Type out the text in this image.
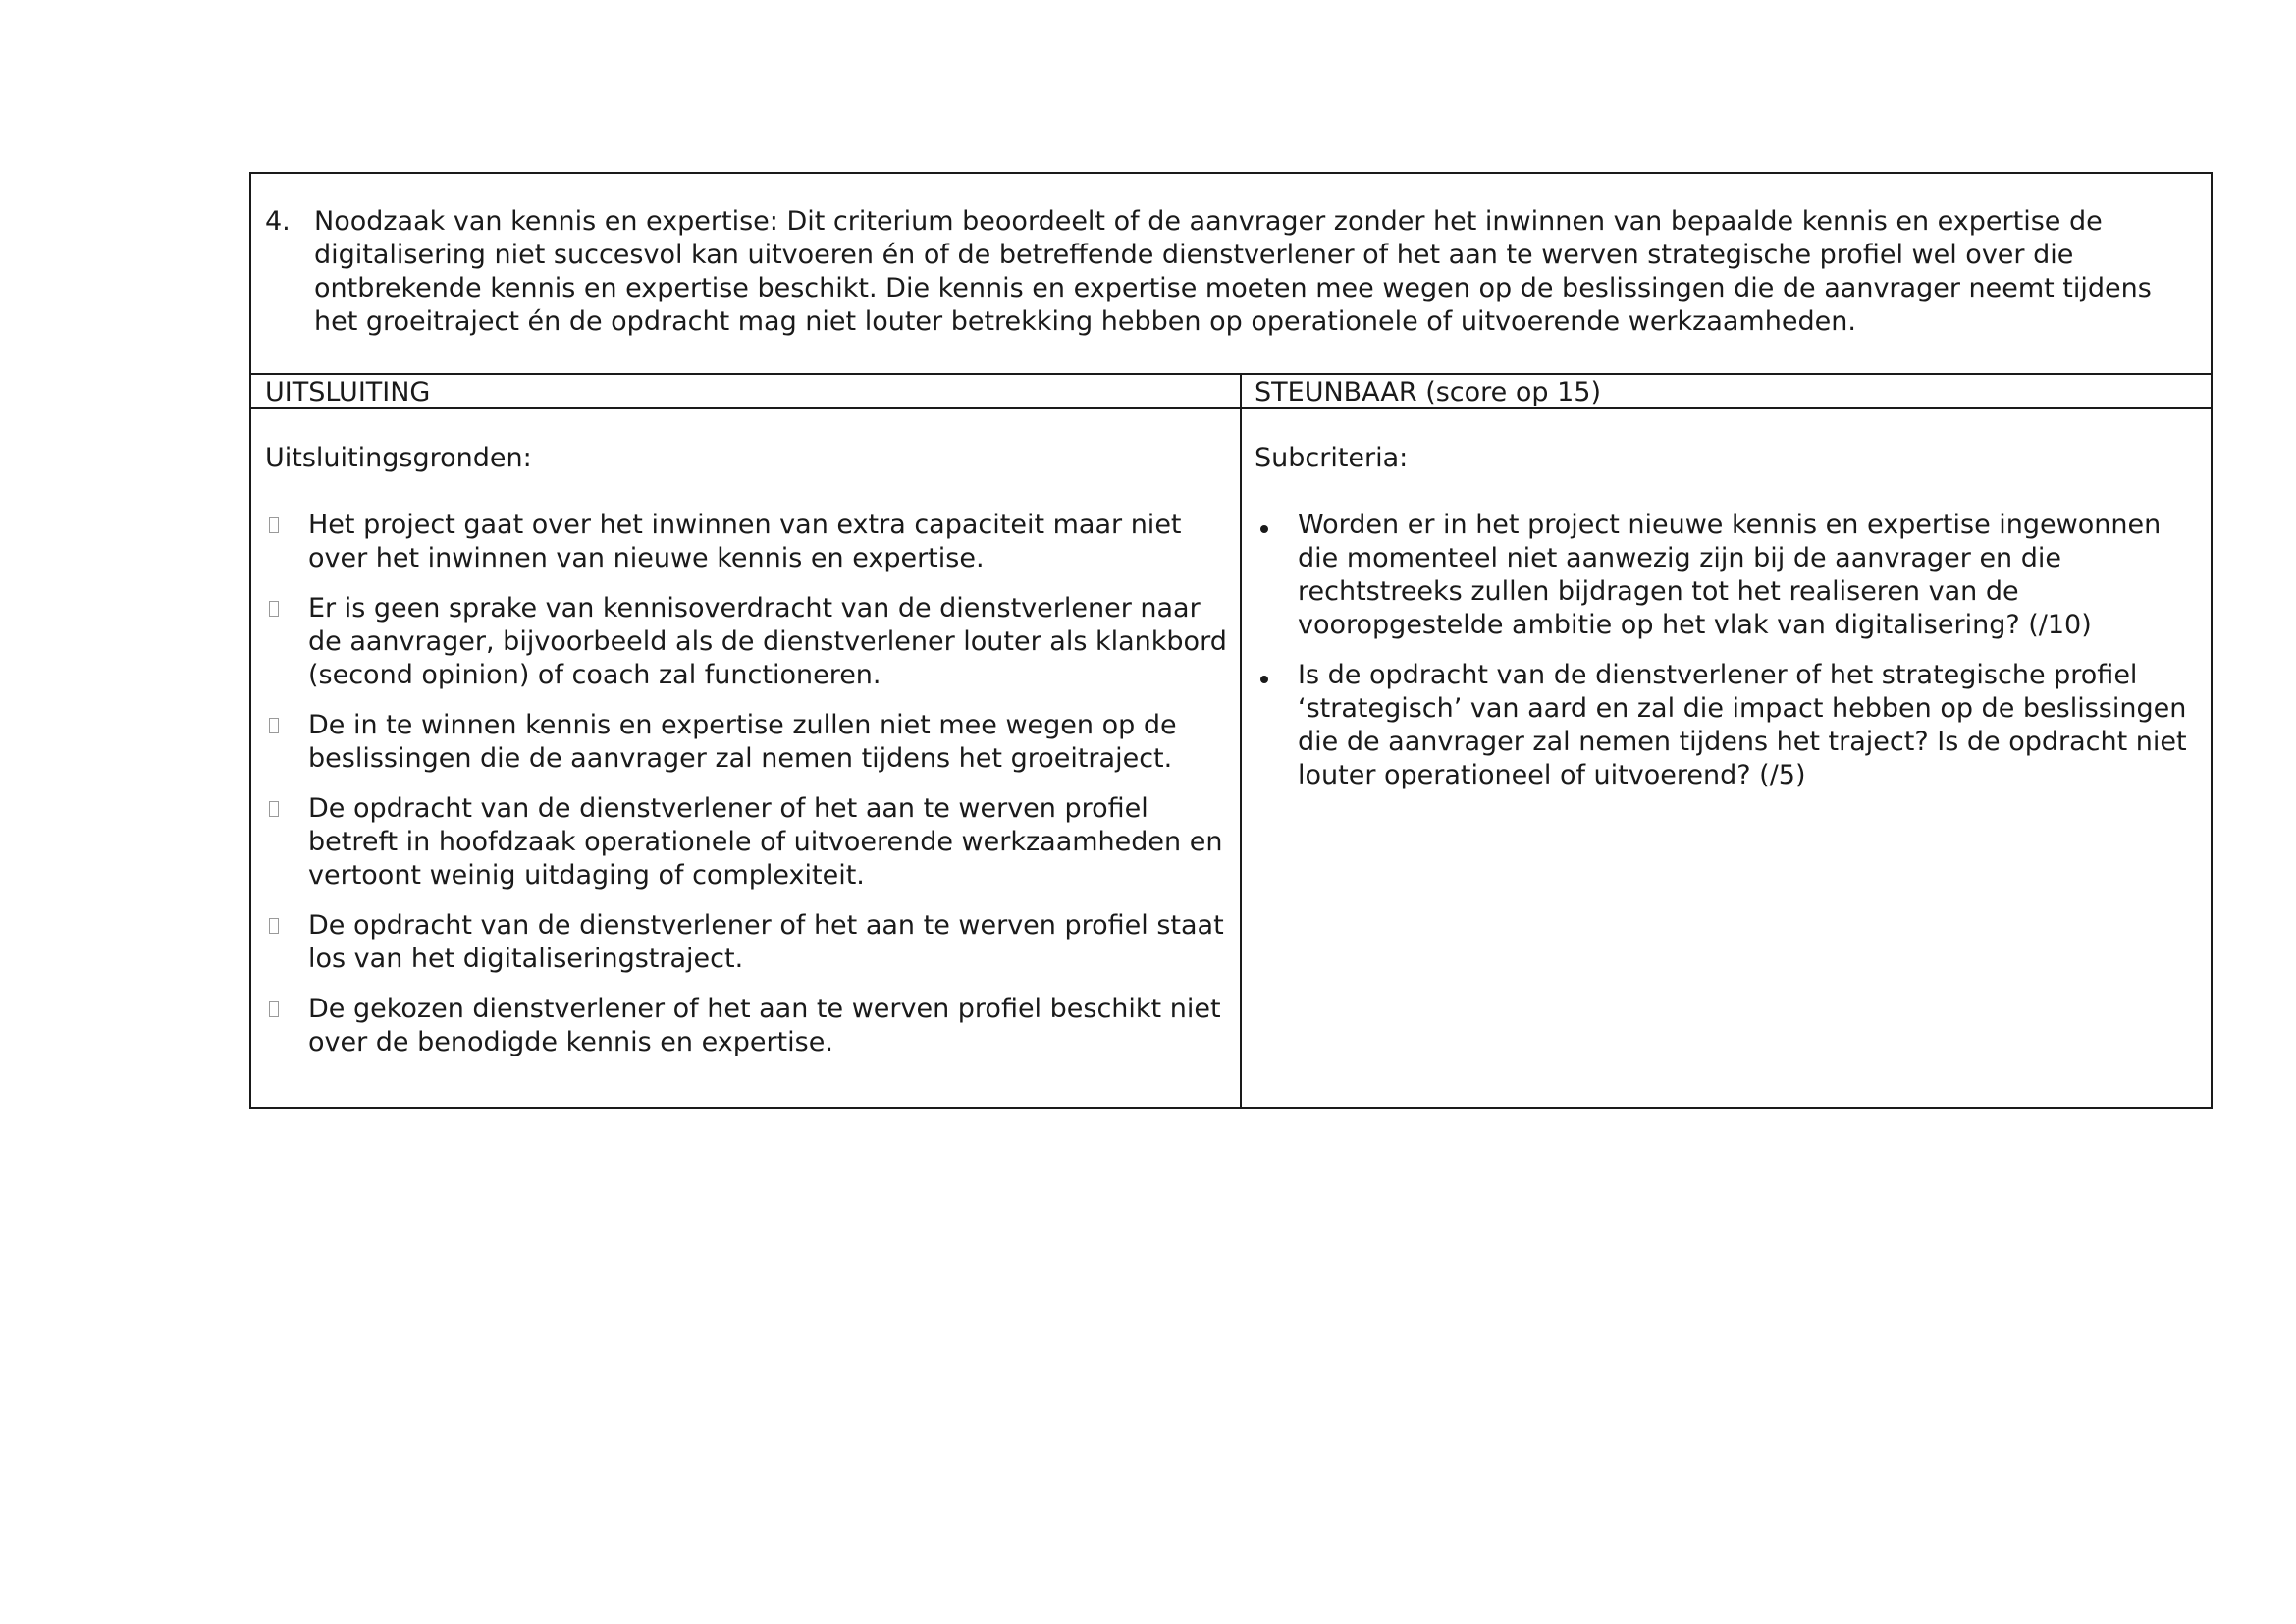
4. Noodzaak van kennis en expertise: Dit criterium beoordeelt of de aanvrager zonder het inwinnen van bepaalde kennis en expertise de digitalisering niet succesvol kan uitvoeren én of de betreffende dienstverlener of het aan te werven strategische profiel wel over die ontbrekende kennis en expertise beschikt. Die kennis en expertise moeten mee wegen op de beslissingen die de aanvrager neemt tijdens het groeitraject én de opdracht mag niet louter betrekking hebben op operationele of uitvoerende werkzaamheden.
UITSLUITING	STEUNBAAR (score op 15)
Uitsluitingsgronden:	Subcriteria:
Het project gaat over het inwinnen van extra capaciteit maar niet over het inwinnen van nieuwe kennis en expertise.
Er is geen sprake van kennisoverdracht van de dienstverlener naar de aanvrager, bijvoorbeeld als de dienstverlener louter als klankbord (second opinion) of coach zal functioneren.
De in te winnen kennis en expertise zullen niet mee wegen op de beslissingen die de aanvrager zal nemen tijdens het groeitraject.
De opdracht van de dienstverlener of het aan te werven profiel betreft in hoofdzaak operationele of uitvoerende werkzaamheden en vertoont weinig uitdaging of complexiteit.
De opdracht van de dienstverlener of het aan te werven profiel staat los van het digitaliseringstraject.
De gekozen dienstverlener of het aan te werven profiel beschikt niet over de benodigde kennis en expertise.
Worden er in het project nieuwe kennis en expertise ingewonnen die momenteel niet aanwezig zijn bij de aanvrager en die rechtstreeks zullen bijdragen tot het realiseren van de vooropgestelde ambitie op het vlak van digitalisering? (/10)
Is de opdracht van de dienstverlener of het strategische profiel ‘strategisch’ van aard en zal die impact hebben op de beslissingen die de aanvrager zal nemen tijdens het traject? Is de opdracht niet louter operationeel of uitvoerend? (/5)
